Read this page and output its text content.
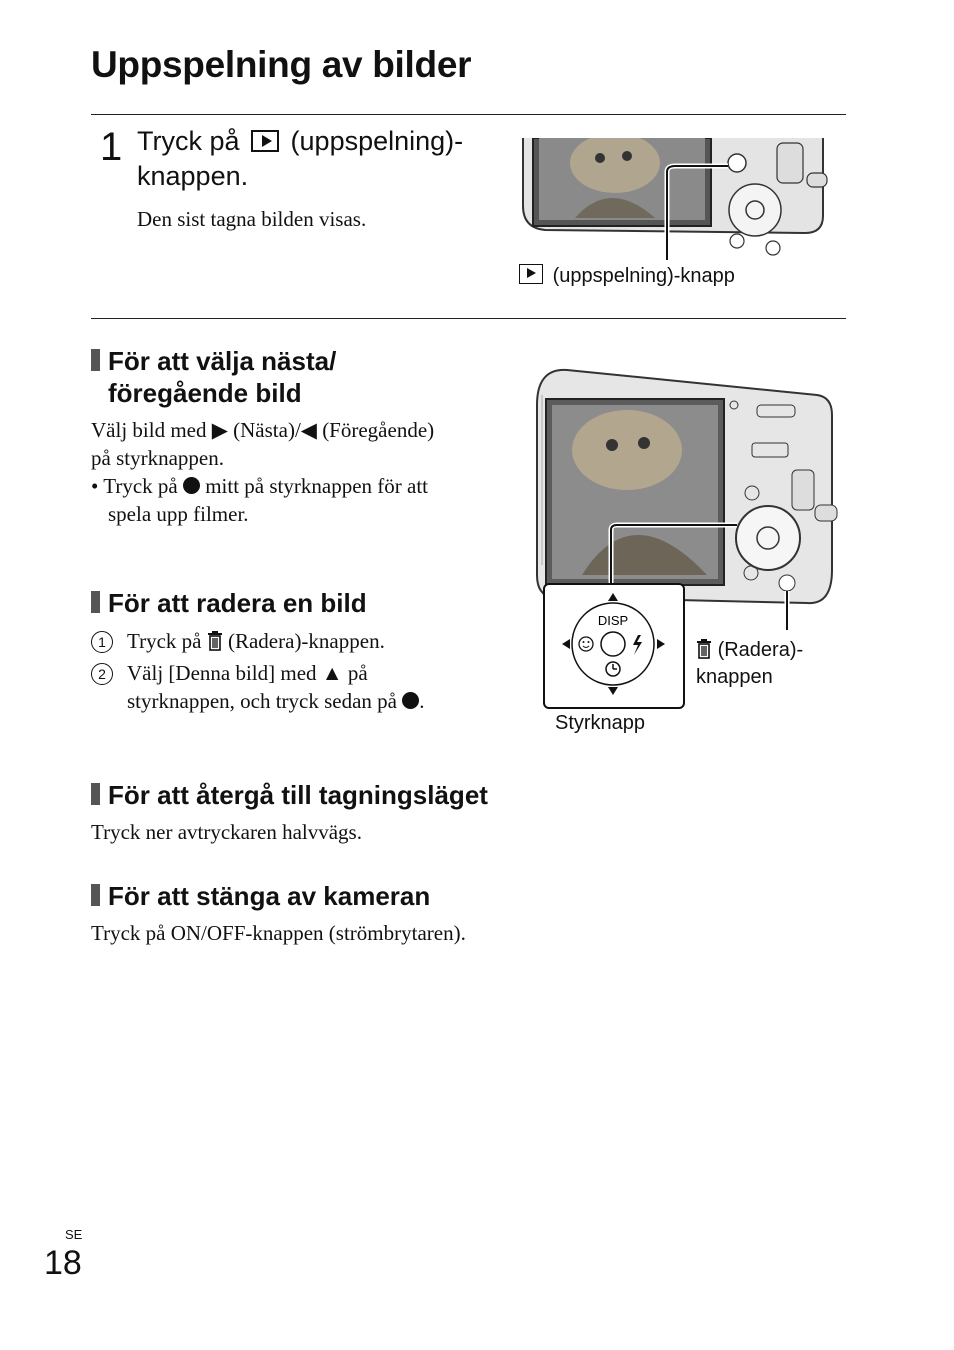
Uppspelning av bilder
1 Tryck på (uppspelning)-
knappen.
Den sist tagna bilden visas.
(uppspelning)-knapp
För att välja nästa/
föregående bild
Välj bild med ▶ (Nästa)/◀ (Föregående)
på styrknappen.
• Tryck på mitt på styrknappen för att
spela upp filmer.
För att radera en bild
1 Tryck på (Radera)-knappen.
2 Välj [Denna bild] med ▲ på
styrknappen, och tryck sedan på .
DISP
Styrknapp
(Radera)-
knappen
För att återgå till tagningsläget
Tryck ner avtryckaren halvvägs.
För att stänga av kameran
Tryck på ON/OFF-knappen (strömbrytaren).
SE
18
